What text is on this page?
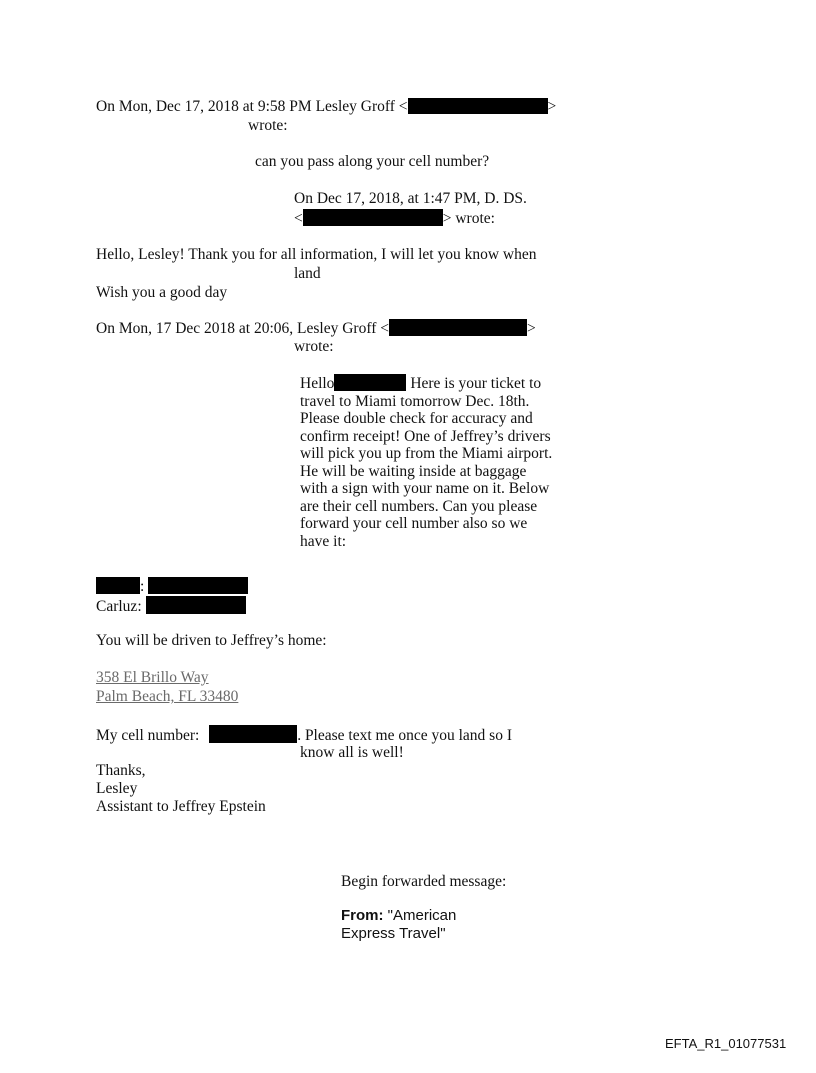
On Mon, Dec 17, 2018 at 9:58 PM Lesley Groff <	>
wrote:
can you pass along your cell number?
On Dec 17, 2018, at 1:47 PM, D. DS.
<	> wrote:
Hello, Lesley! Thank you for all information, I will let you know when
land
Wish you a good day
On Mon, 17 Dec 2018 at 20:06, Lesley Groff <	>
wrote:
Hello	Here is your ticket to travel to Miami tomorrow Dec. 18th. Please double check for accuracy and confirm receipt! One of Jeffrey’s drivers will pick you up from the Miami airport. He will be waiting inside at baggage with a sign with your name on it. Below are their cell numbers. Can you please forward your cell number also so we have it:
:
Carluz:
You will be driven to Jeffrey’s home:
358 El Brillo Way
Palm Beach, FL 33480
My cell number:	. Please text me once you land so I
know all is well!
Thanks,
Lesley
Assistant to Jeffrey Epstein
Begin forwarded message:
From: "American
Express Travel"
EFTA_R1_01077531
